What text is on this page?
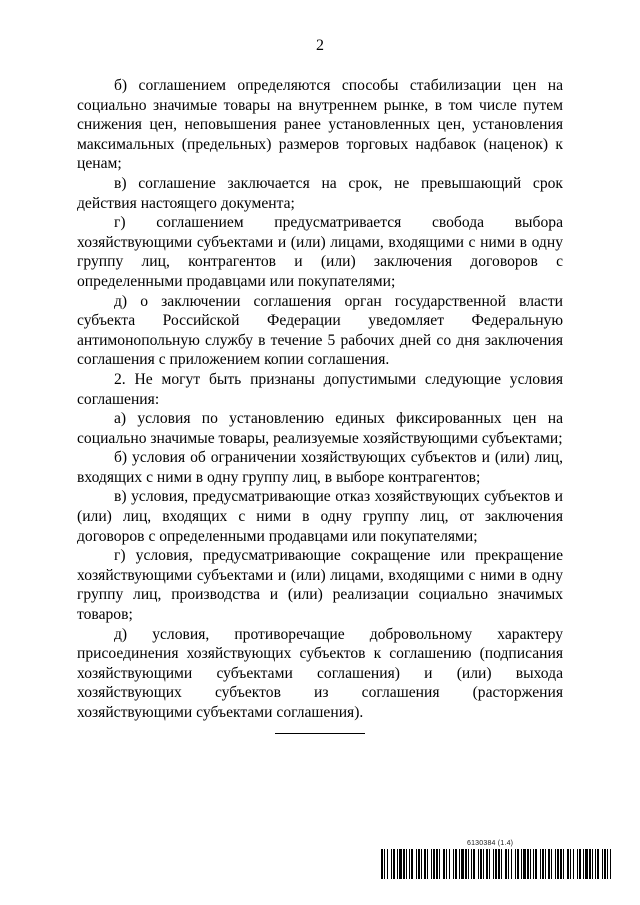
2

б) соглашением определяются способы стабилизации цен на социально значимые товары на внутреннем рынке, в том числе путем снижения цен, неповышения ранее установленных цен, установления максимальных (предельных) размеров торговых надбавок (наценок) к ценам;

в) соглашение заключается на срок, не превышающий срок действия настоящего документа;

г) соглашением предусматривается свобода выбора хозяйствующими субъектами и (или) лицами, входящими с ними в одну группу лиц, контрагентов и (или) заключения договоров с определенными продавцами или покупателями;

д) о заключении соглашения орган государственной власти субъекта Российской Федерации уведомляет Федеральную антимонопольную службу в течение 5 рабочих дней со дня заключения соглашения с приложением копии соглашения.

2. Не могут быть признаны допустимыми следующие условия соглашения:

а) условия по установлению единых фиксированных цен на социально значимые товары, реализуемые хозяйствующими субъектами;

б) условия об ограничении хозяйствующих субъектов и (или) лиц, входящих с ними в одну группу лиц, в выборе контрагентов;

в) условия, предусматривающие отказ хозяйствующих субъектов и (или) лиц, входящих с ними в одну группу лиц, от заключения договоров с определенными продавцами или покупателями;

г) условия, предусматривающие сокращение или прекращение хозяйствующими субъектами и (или) лицами, входящими с ними в одну группу лиц, производства и (или) реализации социально значимых товаров;

д) условия, противоречащие добровольному характеру присоединения хозяйствующих субъектов к соглашению (подписания хозяйствующими субъектами соглашения) и (или) выхода хозяйствующих субъектов из соглашения (расторжения хозяйствующими субъектами соглашения).

6130384 (1.4)
